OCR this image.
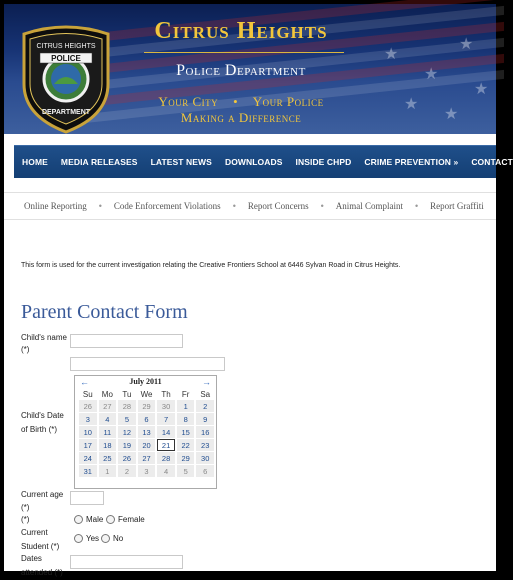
★
★
★
★
★
★
CITRUS HEIGHTS
POLICE
DEPARTMENT
Citrus Heights
Police Department
Your City    •    Your Police
Making a Difference
HOME MEDIA RELEASES LATEST NEWS DOWNLOADS INSIDE CHPD CRIME PREVENTION » CONTACT
Online Reporting • Code Enforcement Violations • Report Concerns • Animal Complaint • Report Graffiti
This form is used for the current investigation relating the Creative Frontiers School at 6446 Sylvan Road in Citrus Heights.
Parent Contact Form
Child's name
(*)
←	July 2011	→
Su	Mo	Tu	We	Th	Fr	Sa
26	27	28	29	30	1	2
3	4	5	6	7	8	9
10	11	12	13	14	15	16
17	18	19	20	21	22	23
24	25	26	27	28	29	30
31	1	2	3	4	5	6
Child's Date of Birth (*)
Current age
(*)
(*)	Male Female
Current Student (*)
Yes No
Dates attended (*)
